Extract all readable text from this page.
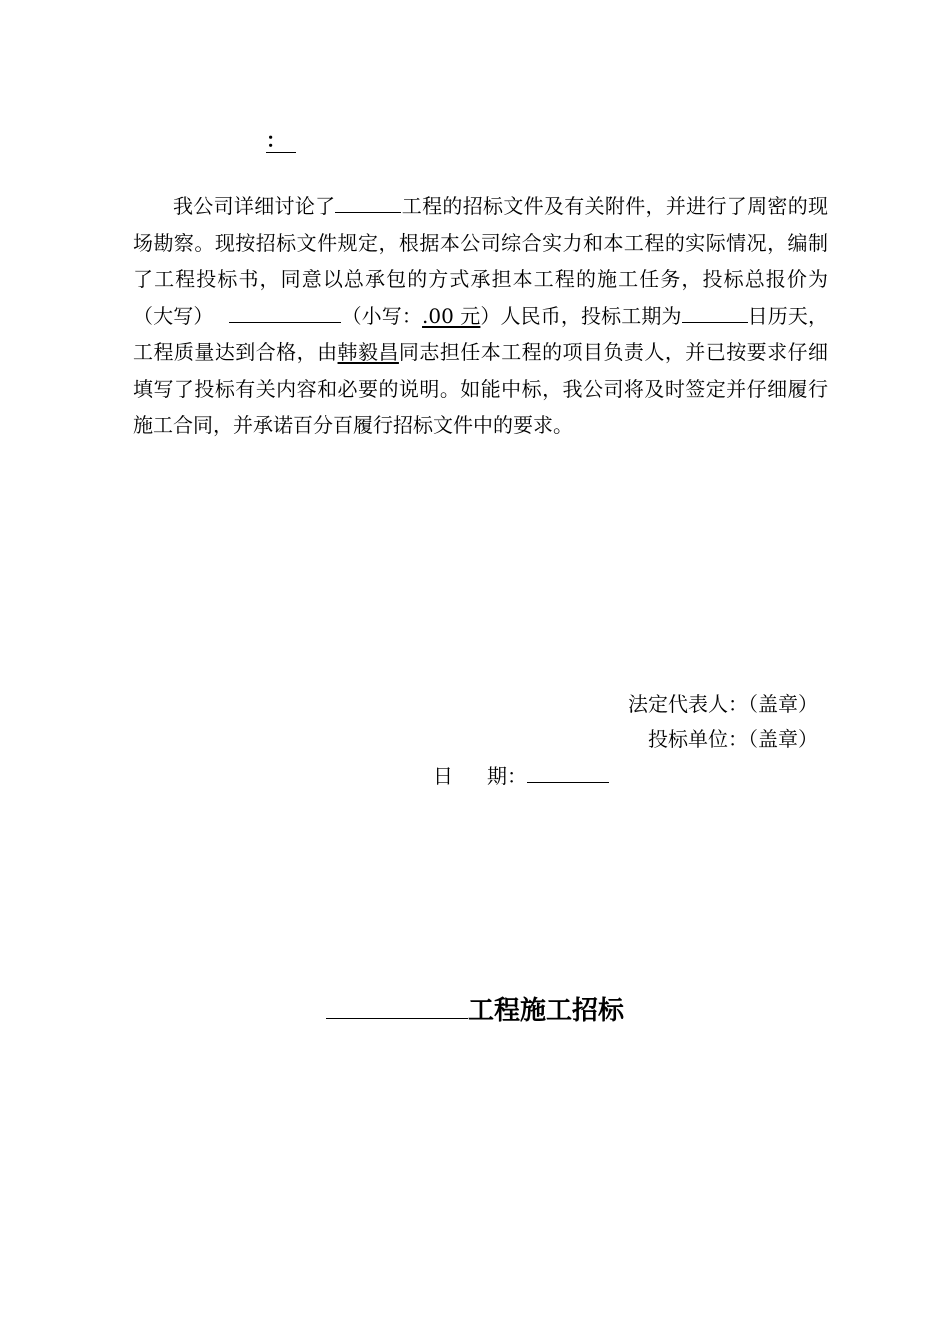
：

我公司详细讨论了	工程的招标文件及有关附件，并进行了周密的现场勘察。现按招标文件规定，根据本公司综合实力和本工程的实际情况，编制了工程投标书，同意以总承包的方式承担本工程的施工任务，投标总报价为（大写）	（小写：.00 元）人民币，投标工期为	日历天，工程质量达到合格，由韩毅昌同志担任本工程的项目负责人，并已按要求仔细填写了投标有关内容和必要的说明。如能中标，我公司将及时签定并仔细履行施工合同，并承诺百分百履行招标文件中的要求。

法定代表人：（盖章）
投标单位：（盖章）
日 期：
工程施工招标
